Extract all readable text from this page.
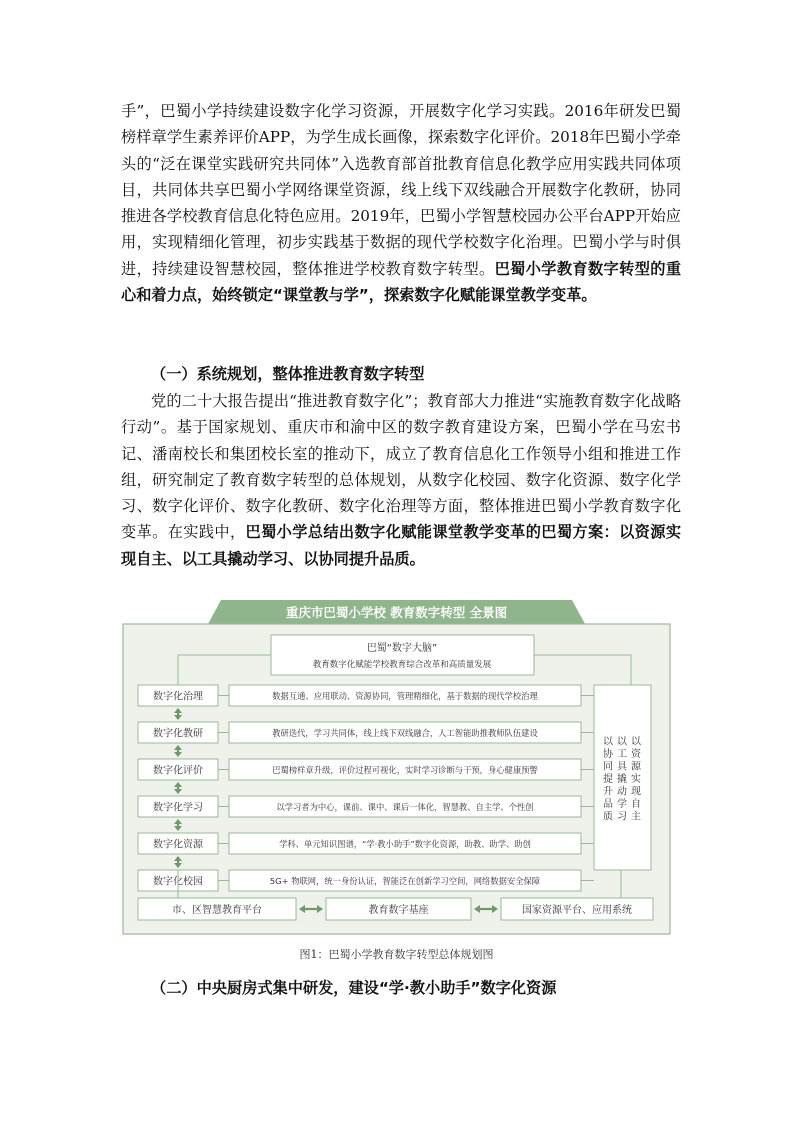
手”，巴蜀小学持续建设数字化学习资源，开展数字化学习实践。2016年研发巴蜀榜样章学生素养评价APP，为学生成长画像，探索数字化评价。2018年巴蜀小学牵头的“泛在课堂实践研究共同体”入选教育部首批教育信息化教学应用实践共同体项目，共同体共享巴蜀小学网络课堂资源，线上线下双线融合开展数字化教研，协同推进各学校教育信息化特色应用。2019年，巴蜀小学智慧校园办公平台APP开始应用，实现精细化管理，初步实践基于数据的现代学校数字化治理。巴蜀小学与时俱进，持续建设智慧校园，整体推进学校教育数字转型。巴蜀小学教育数字转型的重心和着力点，始终锁定“课堂教与学”，探索数字化赋能课堂教学变革。

（一）系统规划，整体推进教育数字转型

党的二十大报告提出“推进教育数字化”；教育部大力推进“实施教育数字化战略行动”。基于国家规划、重庆市和渝中区的数字教育建设方案，巴蜀小学在马宏书记、潘南校长和集团校长室的推动下，成立了教育信息化工作领导小组和推进工作组，研究制定了教育数字转型的总体规划，从数字化校园、数字化资源、数字化学习、数字化评价、数字化教研、数字化治理等方面，整体推进巴蜀小学教育数字化变革。在实践中，巴蜀小学总结出数字化赋能课堂教学变革的巴蜀方案：以资源实现自主、以工具撬动学习、以协同提升品质。

重庆市巴蜀小学校 教育数字转型 全景图
巴蜀“数字大脑”
教育数字化赋能学校教育综合改革和高质量发展
以协同提升品质
以工具撬动学习
以资源实现自主
数字化治理	数据互通、应用联动、资源协同，管理精细化，基于数据的现代学校治理
数字化教研	教研迭代，学习共同体，线上线下双线融合，人工智能助推教师队伍建设
数字化评价	巴蜀榜样章升级，评价过程可视化，实时学习诊断与干预，身心健康预警
数字化学习	以学习者为中心，课前、课中、课后一体化，智慧教、自主学、个性创
数字化资源	学科、单元知识图谱，“学·教小助手”数字化资源，助教、助学、助创
数字化校园	5G+ 物联网，统一身份认证，智能泛在创新学习空间，网络数据安全保障
市、区智慧教育平台	教育数字基座	国家资源平台、应用系统
图1：巴蜀小学教育数字转型总体规划图

（二）中央厨房式集中研发，建设“学·教小助手”数字化资源
